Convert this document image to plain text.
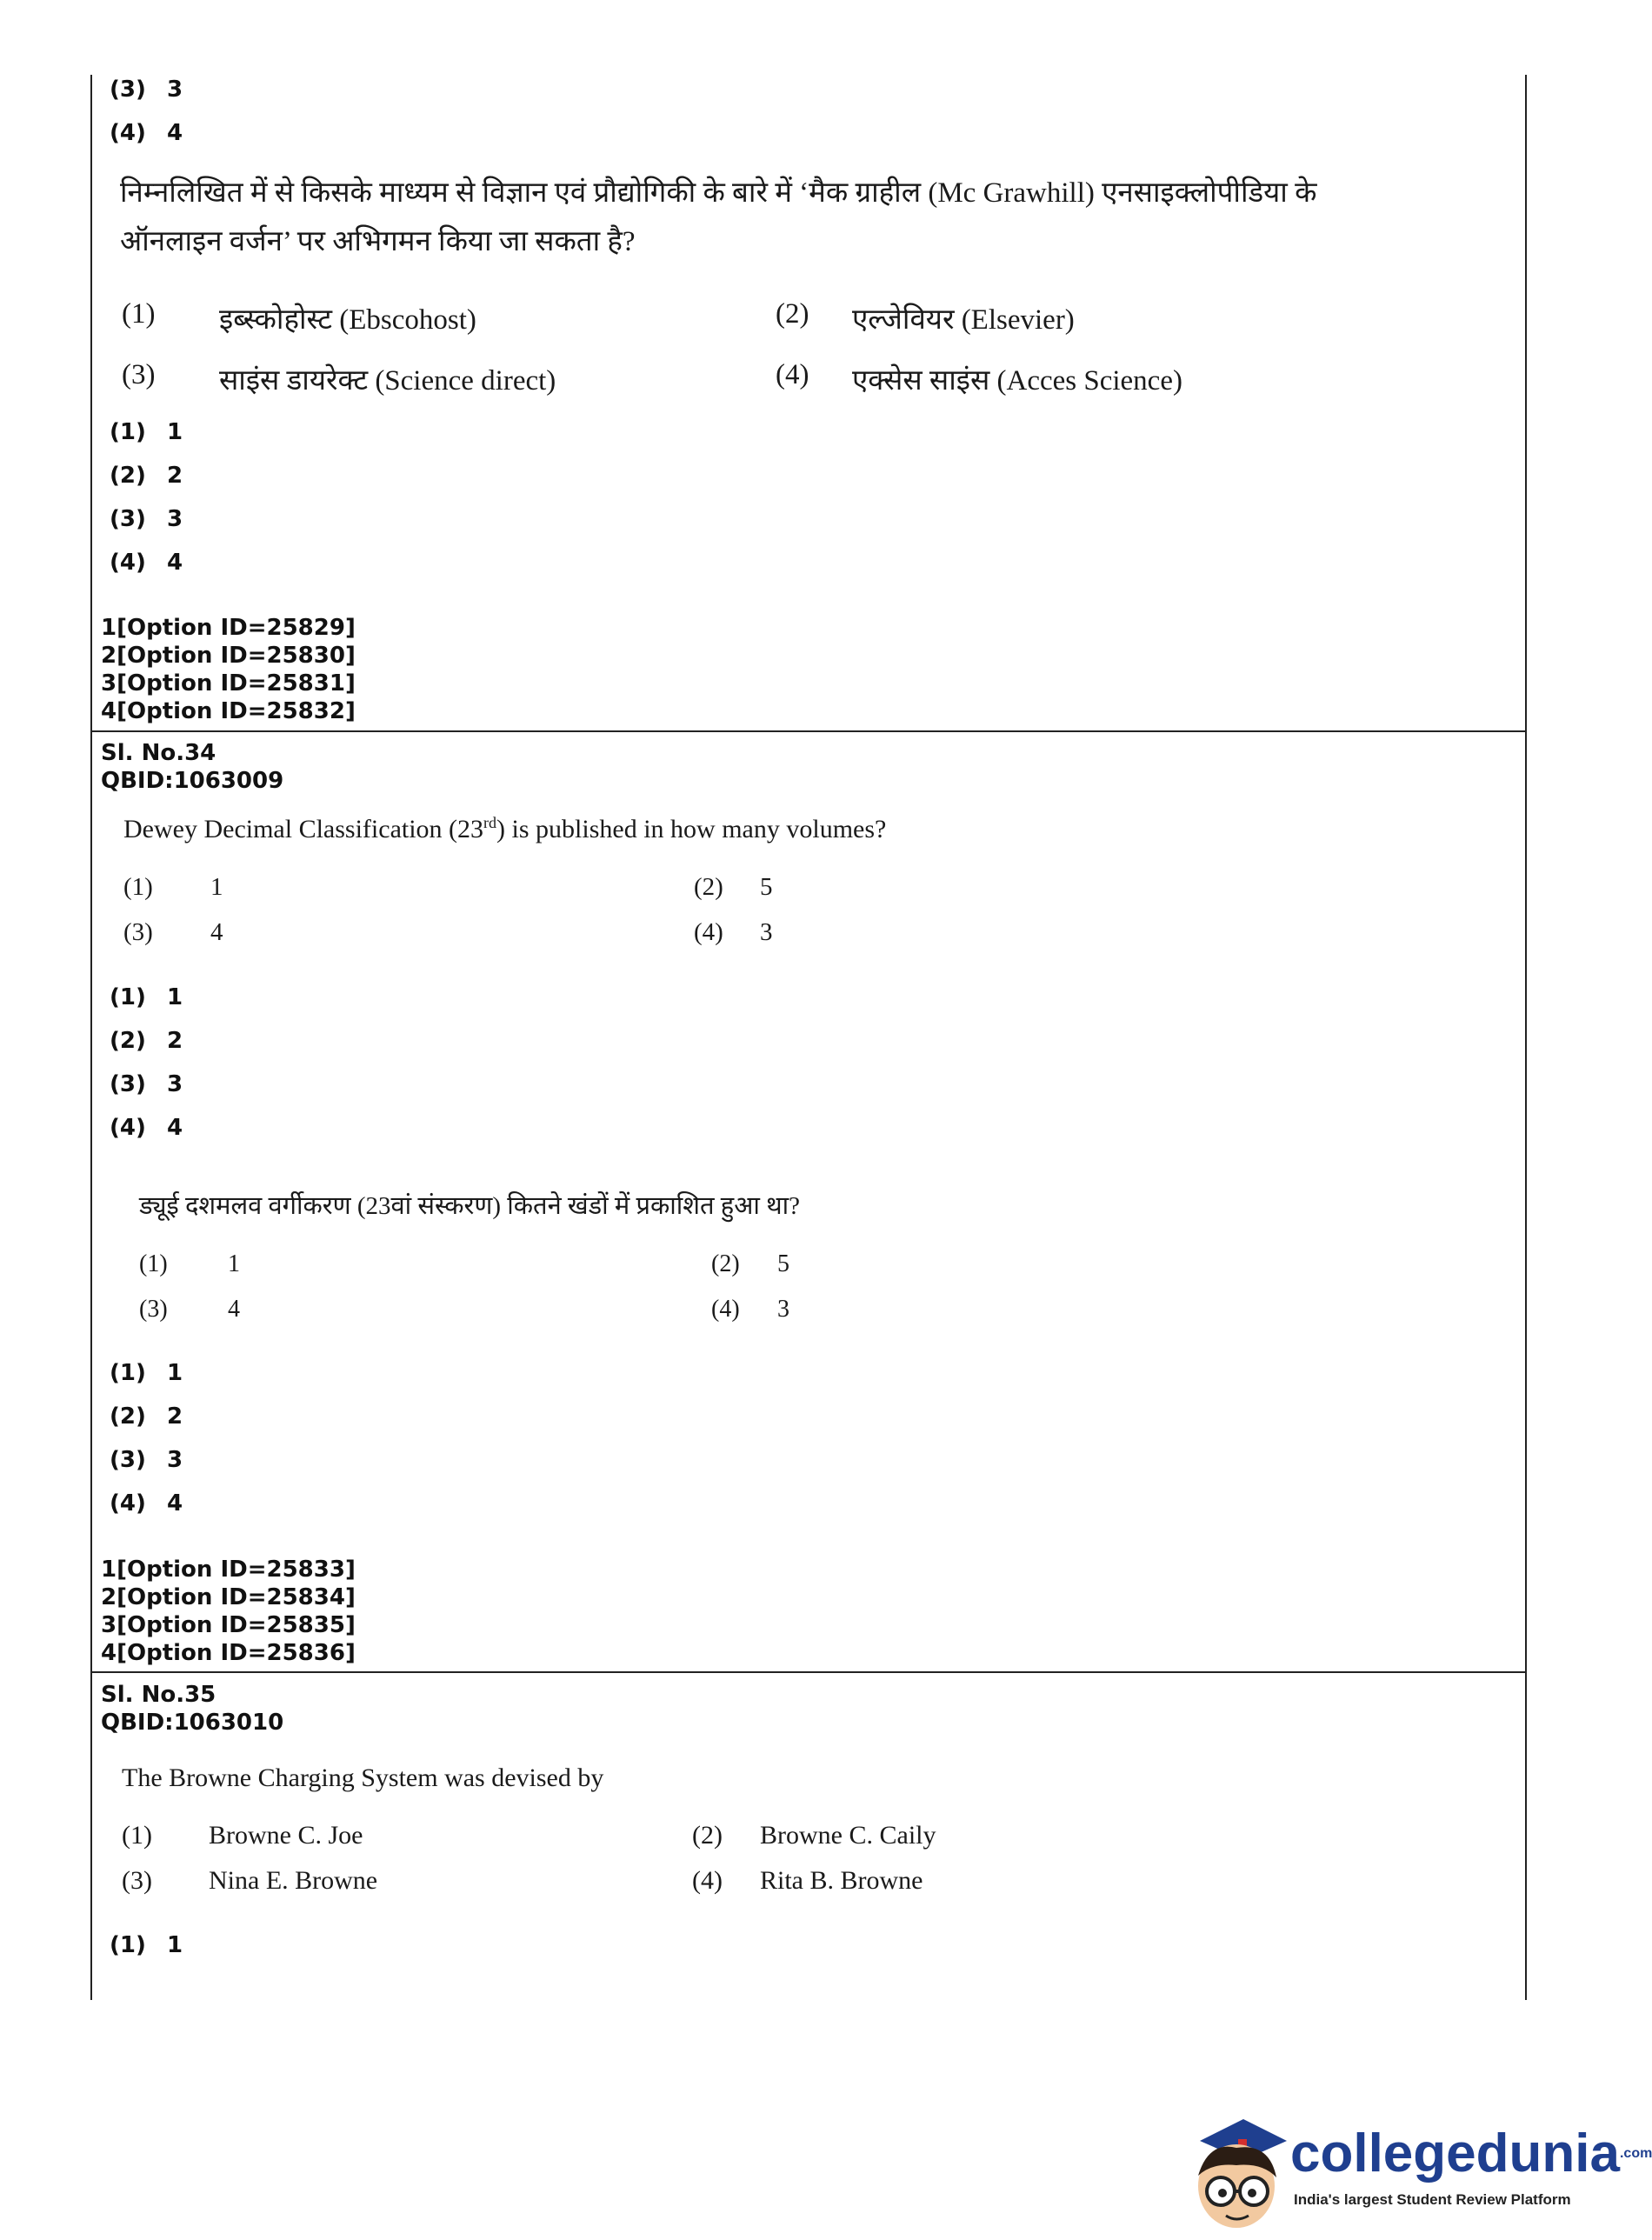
(3) 3
(4) 4
निम्नलिखित में से किसके माध्यम से विज्ञान एवं प्रौद्योगिकी के बारे में ‘मैक ग्राहील (Mc Grawhill) एनसाइक्लोपीडिया के
ऑनलाइन वर्जन’ पर अभिगमन किया जा सकता है?
(1) इब्स्कोहोस्ट (Ebscohost)	(2) एल्जेवियर (Elsevier)
(3) साइंस डायरेक्ट (Science direct)	(4) एक्सेस साइंस (Acces Science)
(1) 1
(2) 2
(3) 3
(4) 4
1[Option ID=25829]
2[Option ID=25830]
3[Option ID=25831]
4[Option ID=25832]
Sl. No.34
QBID:1063009
Dewey Decimal Classification (23rd) is published in how many volumes?
(1) 1	(2) 5
(3) 4	(4) 3
(1) 1
(2) 2
(3) 3
(4) 4
ड्यूई दशमलव वर्गीकरण (23वां संस्करण) कितने खंडों में प्रकाशित हुआ था?
(1) 1	(2) 5
(3) 4	(4) 3
(1) 1
(2) 2
(3) 3
(4) 4
1[Option ID=25833]
2[Option ID=25834]
3[Option ID=25835]
4[Option ID=25836]
Sl. No.35
QBID:1063010
The Browne Charging System was devised by
(1) Browne C. Joe	(2) Browne C. Caily
(3) Nina E. Browne	(4) Rita B. Browne
(1) 1
collegedunia$^{.com}$
India's largest Student Review Platform
